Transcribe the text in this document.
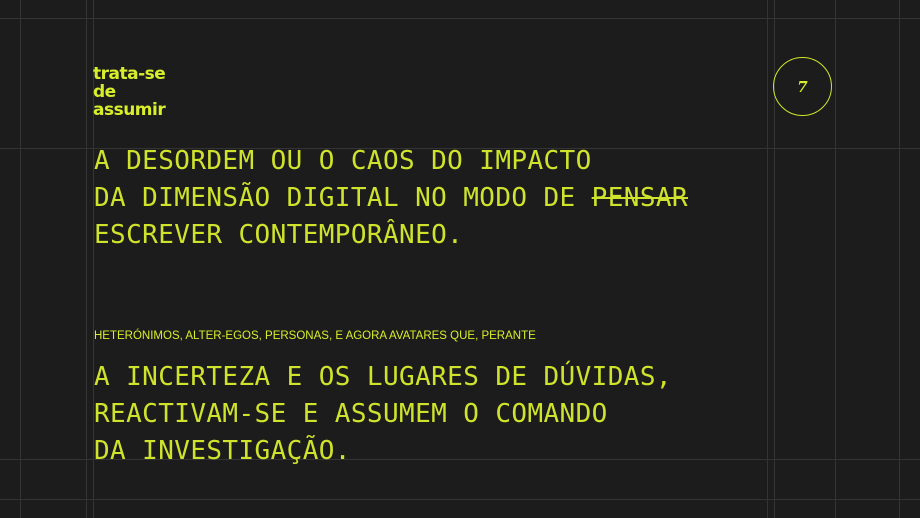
trata-se
de
assumir
7

A DESORDEM OU O CAOS DO IMPACTO
DA DIMENSÃO DIGITAL NO MODO DE PENSAR
ESCREVER CONTEMPORÂNEO.

HETERÓNIMOS, ALTER-EGOS, PERSONAS, E AGORA AVATARES QUE, PERANTE

A INCERTEZA E OS LUGARES DE DÚVIDAS,
REACTIVAM-SE E ASSUMEM O COMANDO
DA INVESTIGAÇÃO.
